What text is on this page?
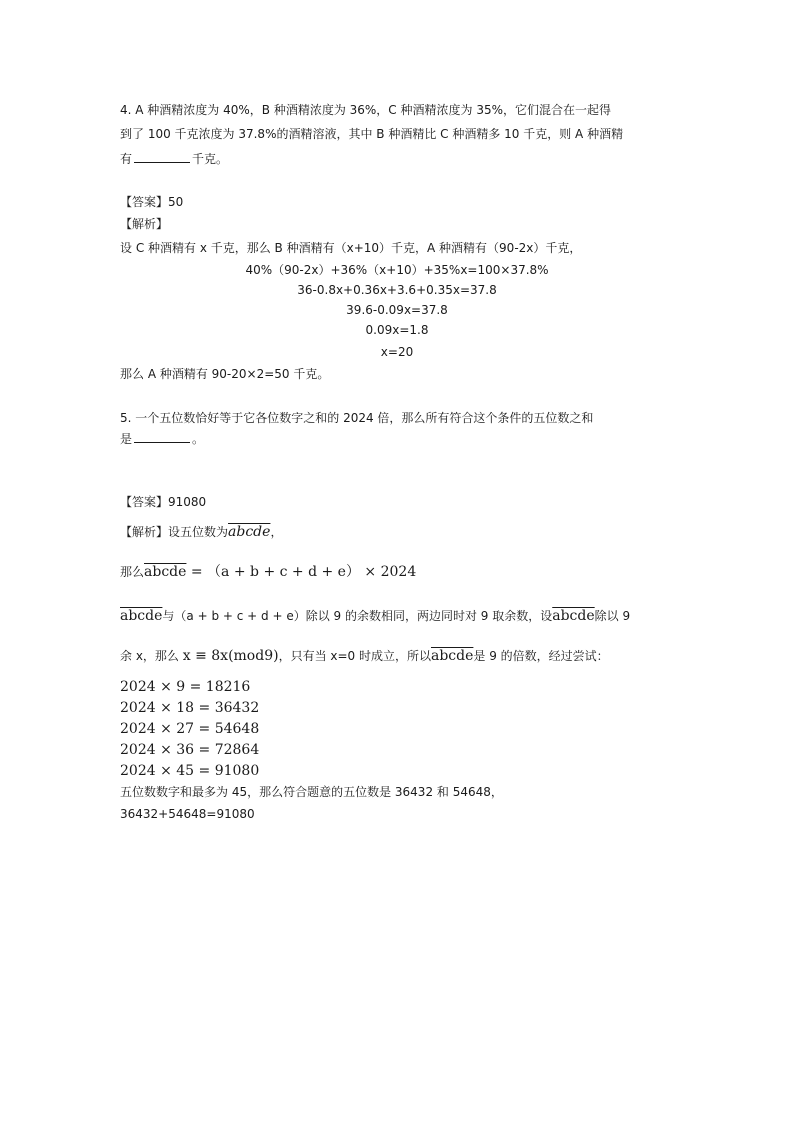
4. A 种酒精浓度为 40%，B 种酒精浓度为 36%，C 种酒精浓度为 35%，它们混合在一起得
到了 100 千克浓度为 37.8%的酒精溶液，其中 B 种酒精比 C 种酒精多 10 千克，则 A 种酒精
有	千克。
【答案】50
【解析】
设 C 种酒精有 x 千克，那么 B 种酒精有（x+10）千克，A 种酒精有（90-2x）千克，
40%（90-2x）+36%（x+10）+35%x=100×37.8%
36-0.8x+0.36x+3.6+0.35x=37.8
39.6-0.09x=37.8
0.09x=1.8
x=20
那么 A 种酒精有 90-20×2=50 千克。
5. 一个五位数恰好等于它各位数字之和的 2024 倍，那么所有符合这个条件的五位数之和
是	。
【答案】91080
【解析】设五位数为abcde，
那么abcde = （a + b + c + d + e） × 2024
abcde与（a + b + c + d + e）除以 9 的余数相同，两边同时对 9 取余数，设abcde除以 9
余 x，那么 x ≡ 8x(mod9)，只有当 x=0 时成立，所以abcde是 9 的倍数，经过尝试：
2024 × 9 = 18216
2024 × 18 = 36432
2024 × 27 = 54648
2024 × 36 = 72864
2024 × 45 = 91080
五位数数字和最多为 45，那么符合题意的五位数是 36432 和 54648，
36432+54648=91080
